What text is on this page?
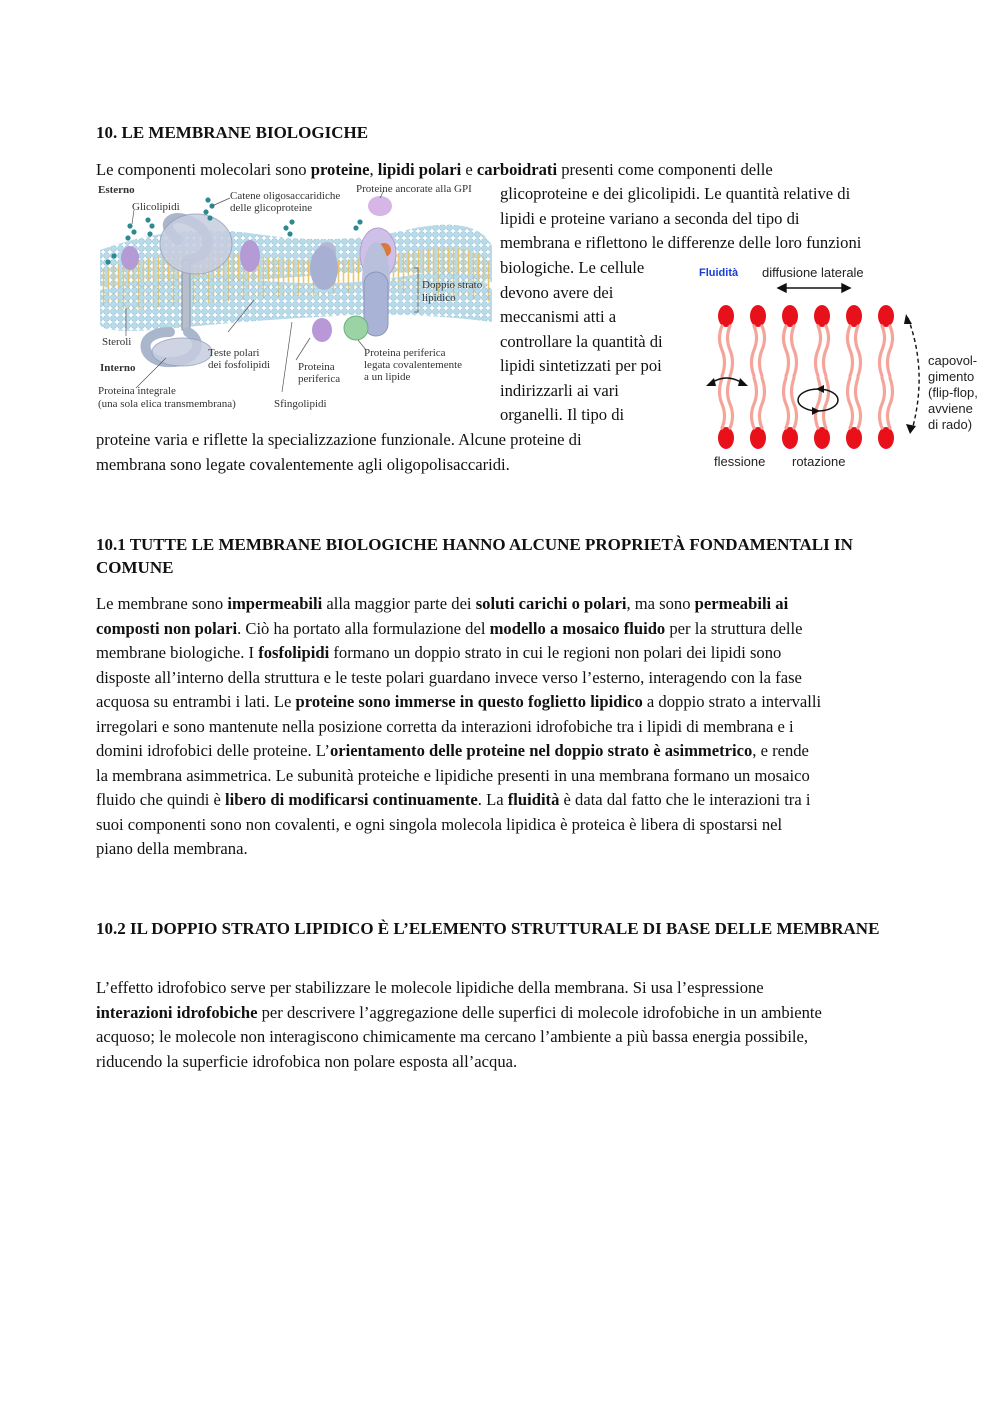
10. LE MEMBRANE BIOLOGICHE

Le componenti molecolari sono proteine, lipidi polari e carboidrati presenti come componenti delle

glicoproteine e dei glicolipidi. Le quantità relative di
lipidi e proteine variano a seconda del tipo di
membrana e riflettono le differenze delle loro funzioni
biologiche. Le cellule
devono avere dei
meccanismi atti a
controllare la quantità di
lipidi sintetizzati per poi
indirizzarli ai vari
organelli. Il tipo di
proteine varia e riflette la specializzazione funzionale. Alcune proteine di
membrana sono legate covalentemente agli oligopolisaccaridi.
Esterno
Glicolipidi
Catene oligosaccaridiche
delle glicoproteine
Proteine ancorate alla GPI
Doppio strato
lipidico
Steroli
Interno
Teste polari
dei fosfolipidi	Proteina
periferica
Proteina periferica
legata covalentemente
a un lipide
Proteina integrale
(una sola elica transmembrana)	Sfingolipidi
Fluidità diffusione laterale
capovol-
gimento
(flip-flop,
avviene
di rado)
flessione rotazione
10.1 TUTTE LE MEMBRANE BIOLOGICHE HANNO ALCUNE PROPRIETÀ FONDAMENTALI IN COMUNE
Le membrane sono impermeabili alla maggior parte dei soluti carichi o polari, ma sono permeabili ai
composti non polari. Ciò ha portato alla formulazione del modello a mosaico fluido per la struttura delle
membrane biologiche. I fosfolipidi formano un doppio strato in cui le regioni non polari dei lipidi sono
disposte all’interno della struttura e le teste polari guardano invece verso l’esterno, interagendo con la fase
acquosa su entrambi i lati. Le proteine sono immerse in questo foglietto lipidico a doppio strato a intervalli
irregolari e sono mantenute nella posizione corretta da interazioni idrofobiche tra i lipidi di membrana e i
domini idrofobici delle proteine. L’orientamento delle proteine nel doppio strato è asimmetrico, e rende
la membrana asimmetrica. Le subunità proteiche e lipidiche presenti in una membrana formano un mosaico
fluido che quindi è libero di modificarsi continuamente. La fluidità è data dal fatto che le interazioni tra i
suoi componenti sono non covalenti, e ogni singola molecola lipidica è proteica è libera di spostarsi nel
piano della membrana.
10.2 IL DOPPIO STRATO LIPIDICO È L’ELEMENTO STRUTTURALE DI BASE DELLE MEMBRANE
L’effetto idrofobico serve per stabilizzare le molecole lipidiche della membrana. Si usa l’espressione
interazioni idrofobiche per descrivere l’aggregazione delle superfici di molecole idrofobiche in un ambiente
acquoso; le molecole non interagiscono chimicamente ma cercano l’ambiente a più bassa energia possibile,
riducendo la superficie idrofobica non polare esposta all’acqua.
